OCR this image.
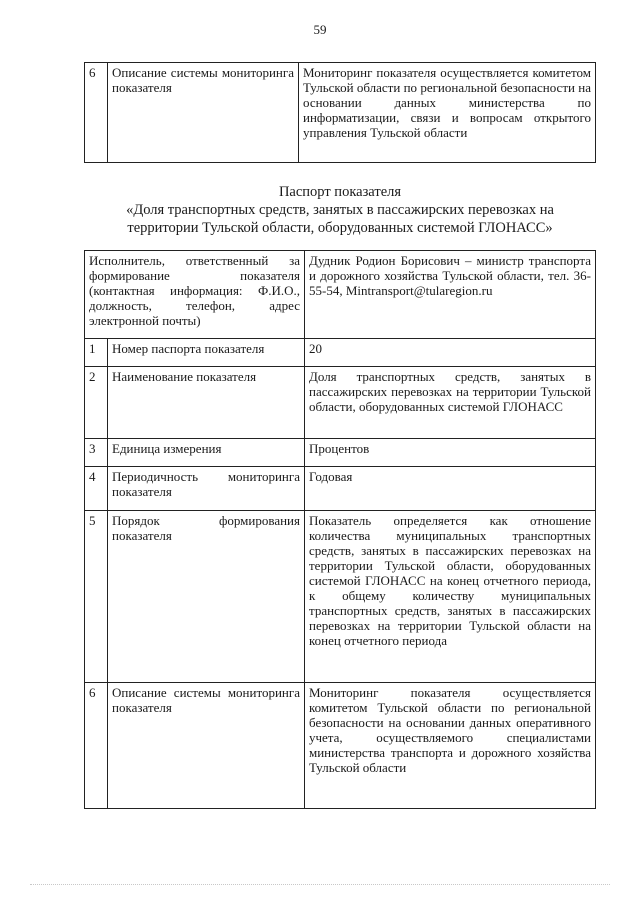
59
6	Описание системы мониторинга показателя	Мониторинг показателя осуществляется комитетом Тульской области по региональной безопасности на основании данных министерства по информатизации, связи и вопросам открытого управления Тульской области
Паспорт показателя
«Доля транспортных средств, занятых в пассажирских перевозках на
территории Тульской области, оборудованных системой ГЛОНАСС»
Исполнитель, ответственный за формирование показателя (контактная информация: Ф.И.О., должность, телефон, адрес электронной почты)		Дудник Родион Борисович – министр транспорта и дорожного хозяйства Тульской области, тел. 36-55-54, Mintransport@tularegion.ru
1	Номер паспорта показателя	20
2	Наименование показателя	Доля транспортных средств, занятых в пассажирских перевозках на территории Тульской области, оборудованных системой ГЛОНАСС
3	Единица измерения	Процентов
4	Периодичность мониторинга показателя	Годовая
5	Порядок формирования показателя	Показатель определяется как отношение количества муниципальных транспортных средств, занятых в пассажирских перевозках на территории Тульской области, оборудованных системой ГЛОНАСС на конец отчетного периода, к общему количеству муниципальных транспортных средств, занятых в пассажирских перевозках на территории Тульской области на конец отчетного периода
6	Описание системы мониторинга показателя	Мониторинг показателя осуществляется комитетом Тульской области по региональной безопасности на основании данных оперативного учета, осуществляемого специалистами министерства транспорта и дорожного хозяйства Тульской области
